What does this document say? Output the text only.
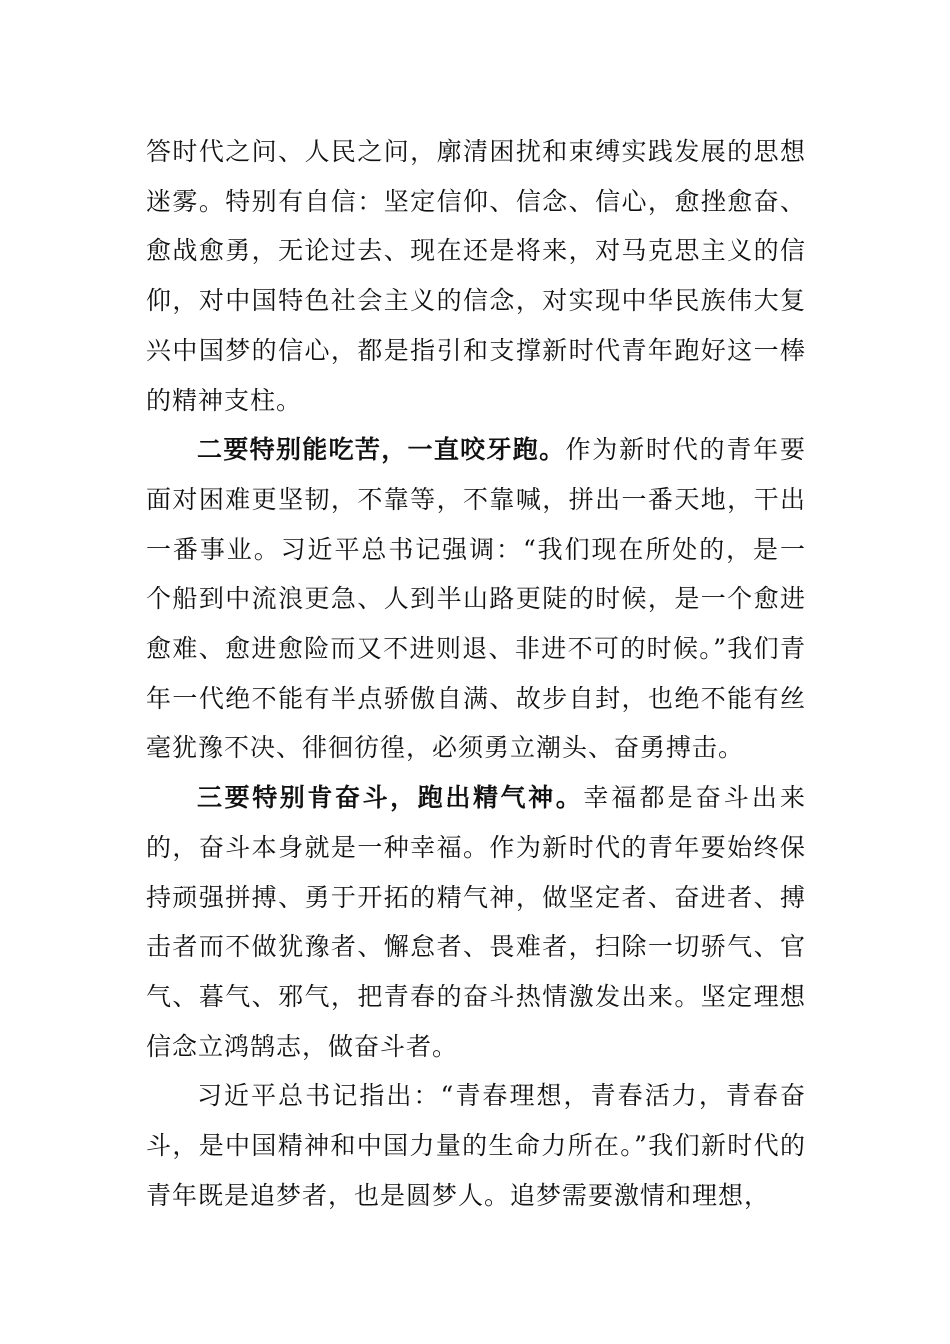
答时代之问、人民之问，廓清困扰和束缚实践发展的思想迷雾。特别有自信：坚定信仰、信念、信心，愈挫愈奋、愈战愈勇，无论过去、现在还是将来，对马克思主义的信仰，对中国特色社会主义的信念，对实现中华民族伟大复兴中国梦的信心，都是指引和支撑新时代青年跑好这一棒的精神支柱。

二要特别能吃苦，一直咬牙跑。作为新时代的青年要面对困难更坚韧，不靠等，不靠喊，拼出一番天地，干出一番事业。习近平总书记强调：“我们现在所处的，是一个船到中流浪更急、人到半山路更陡的时候，是一个愈进愈难、愈进愈险而又不进则退、非进不可的时候。”我们青年一代绝不能有半点骄傲自满、故步自封，也绝不能有丝毫犹豫不决、徘徊彷徨，必须勇立潮头、奋勇搏击。

三要特别肯奋斗，跑出精气神。幸福都是奋斗出来的，奋斗本身就是一种幸福。作为新时代的青年要始终保持顽强拼搏、勇于开拓的精气神，做坚定者、奋进者、搏击者而不做犹豫者、懈怠者、畏难者，扫除一切骄气、官气、暮气、邪气，把青春的奋斗热情激发出来。坚定理想信念立鸿鹄志，做奋斗者。

习近平总书记指出：“青春理想，青春活力，青春奋斗，是中国精神和中国力量的生命力所在。”我们新时代的青年既是追梦者，也是圆梦人。追梦需要激情和理想，
